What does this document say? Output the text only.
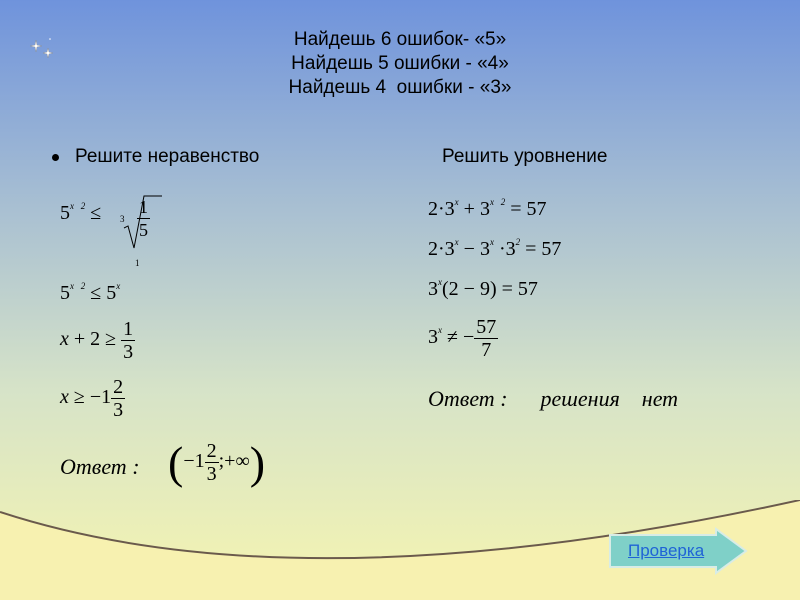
Найдешь 6 ошибок- «5»
Найдешь 5 ошибки - «4»
Найдешь 4  ошибки - «3»
Решите неравенство	Решить уровнение
$5^{x 2} \le 3 \frac{1}{5}$
1
$5^{x 2} \le 5^x$
$x + 2 \ge \frac{1}{3}$
$x \ge -1 \frac{2}{3}$
Ответ : ($-1 \frac{2}{3}$ ;+∞)
$2\cdot 3^x + 3^{x 2} = 57$
$2\cdot 3^x - 3^x \cdot 3^2 = 57$
$3^x(2 - 9) = 57$
$3^x$ ≠ − $\frac{57}{7}$
Ответ : решения нет
Проверка
